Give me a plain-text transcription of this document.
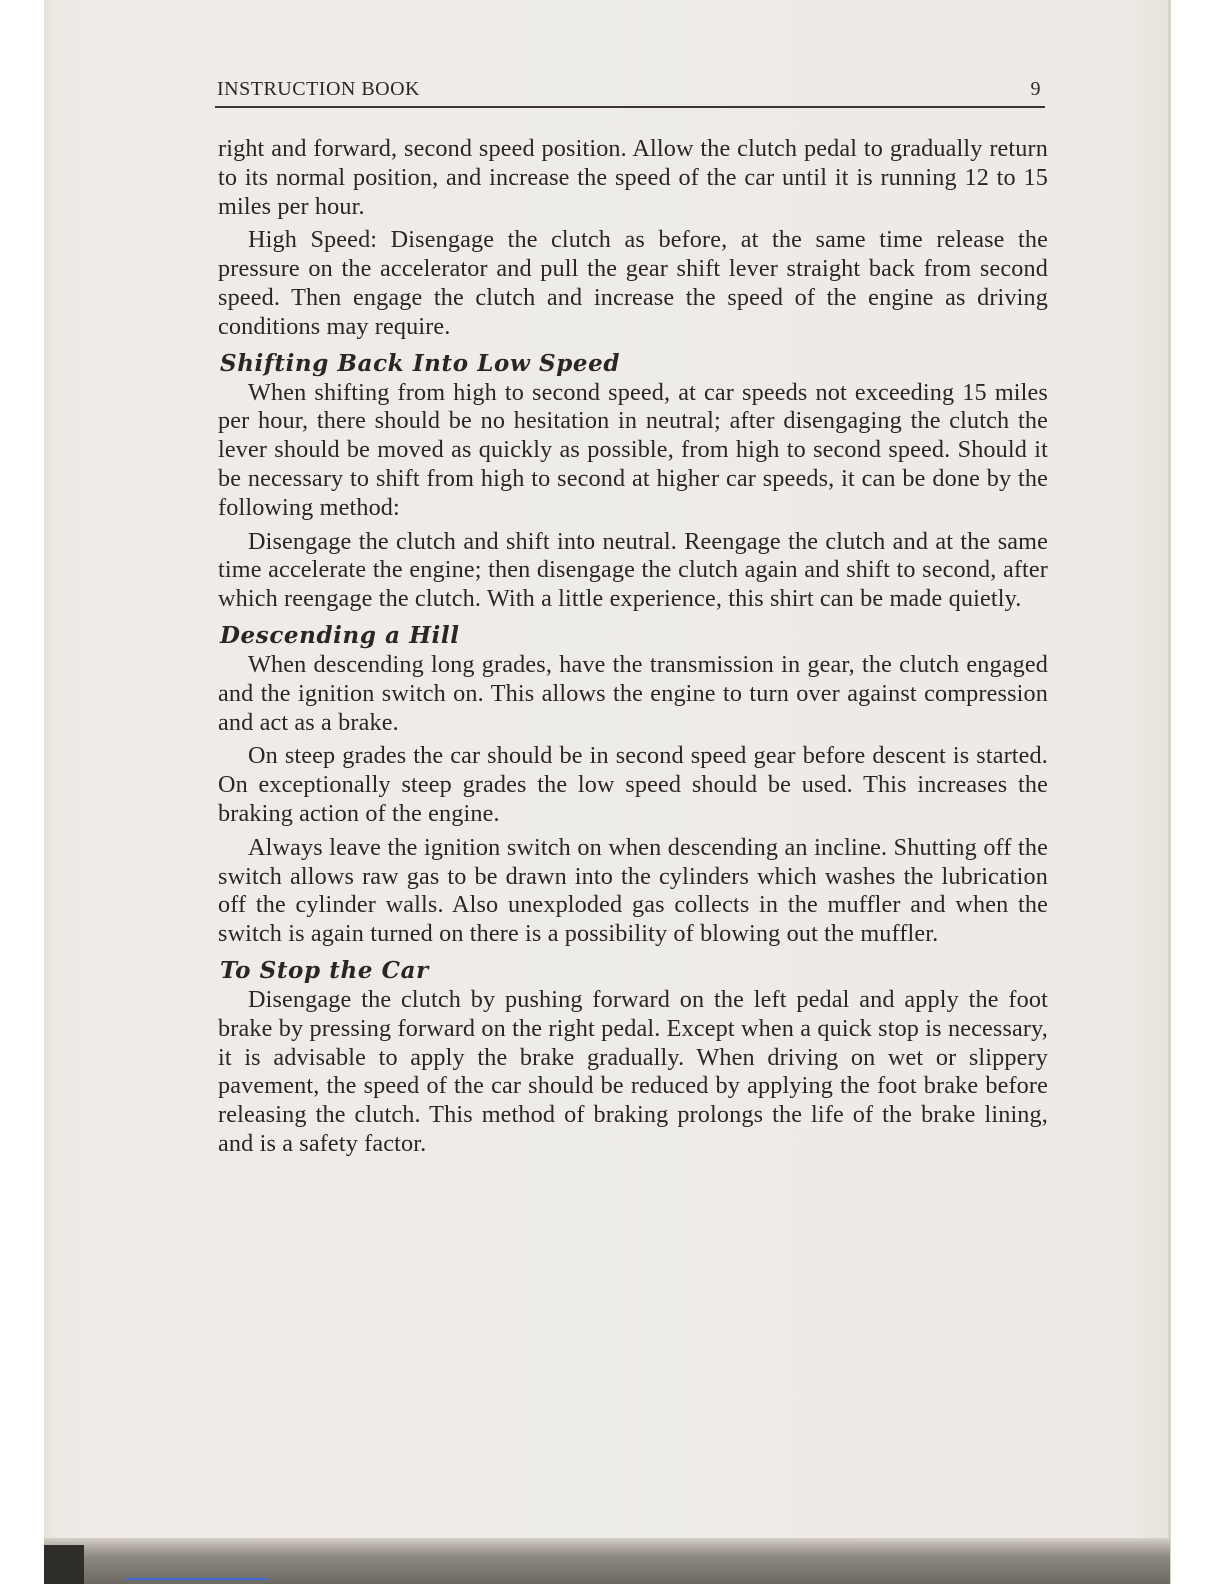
INSTRUCTION BOOK	9

right and forward, second speed position. Allow the clutch pedal to gradually return to its normal position, and increase the speed of the car until it is running 12 to 15 miles per hour.

High Speed: Disengage the clutch as before, at the same time release the pressure on the accelerator and pull the gear shift lever straight back from second speed. Then engage the clutch and increase the speed of the engine as driving conditions may require.

Shifting Back Into Low Speed

When shifting from high to second speed, at car speeds not exceeding 15 miles per hour, there should be no hesitation in neutral; after disengaging the clutch the lever should be moved as quickly as possible, from high to second speed. Should it be necessary to shift from high to second at higher car speeds, it can be done by the following method:

Disengage the clutch and shift into neutral. Reengage the clutch and at the same time accelerate the engine; then disengage the clutch again and shift to second, after which reengage the clutch. With a little experience, this shirt can be made quietly.

Descending a Hill

When descending long grades, have the transmission in gear, the clutch engaged and the ignition switch on. This allows the engine to turn over against compression and act as a brake.

On steep grades the car should be in second speed gear before descent is started. On exceptionally steep grades the low speed should be used. This increases the braking action of the engine.

Always leave the ignition switch on when descending an incline. Shutting off the switch allows raw gas to be drawn into the cylinders which washes the lubrication off the cylinder walls. Also unexploded gas collects in the muffler and when the switch is again turned on there is a possibility of blowing out the muffler.

To Stop the Car

Disengage the clutch by pushing forward on the left pedal and apply the foot brake by pressing forward on the right pedal. Except when a quick stop is necessary, it is advisable to apply the brake gradually. When driving on wet or slippery pavement, the speed of the car should be reduced by applying the foot brake before releasing the clutch. This method of braking prolongs the life of the brake lining, and is a safety factor.
